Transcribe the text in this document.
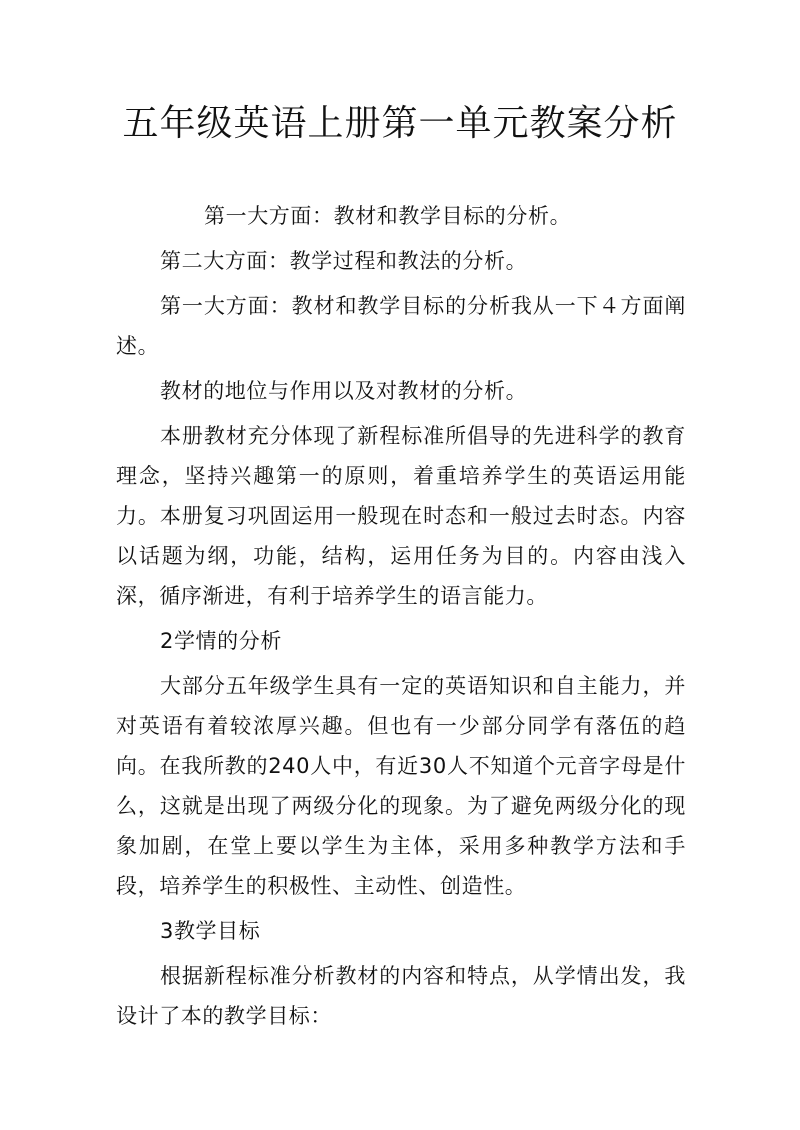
五年级英语上册第一单元教案分析

第一大方面：教材和教学目标的分析。

第二大方面：教学过程和教法的分析。

第一大方面：教材和教学目标的分析我从一下４方面阐述。

教材的地位与作用以及对教材的分析。

本册教材充分体现了新程标准所倡导的先进科学的教育理念，坚持兴趣第一的原则，着重培养学生的英语运用能力。本册复习巩固运用一般现在时态和一般过去时态。内容以话题为纲，功能，结构，运用任务为目的。内容由浅入深，循序渐进，有利于培养学生的语言能力。

2学情的分析

大部分五年级学生具有一定的英语知识和自主能力，并对英语有着较浓厚兴趣。但也有一少部分同学有落伍的趋向。在我所教的240人中，有近30人不知道个元音字母是什么，这就是出现了两级分化的现象。为了避免两级分化的现象加剧，在堂上要以学生为主体，采用多种教学方法和手段，培养学生的积极性、主动性、创造性。

3教学目标

根据新程标准分析教材的内容和特点，从学情出发，我设计了本的教学目标：
